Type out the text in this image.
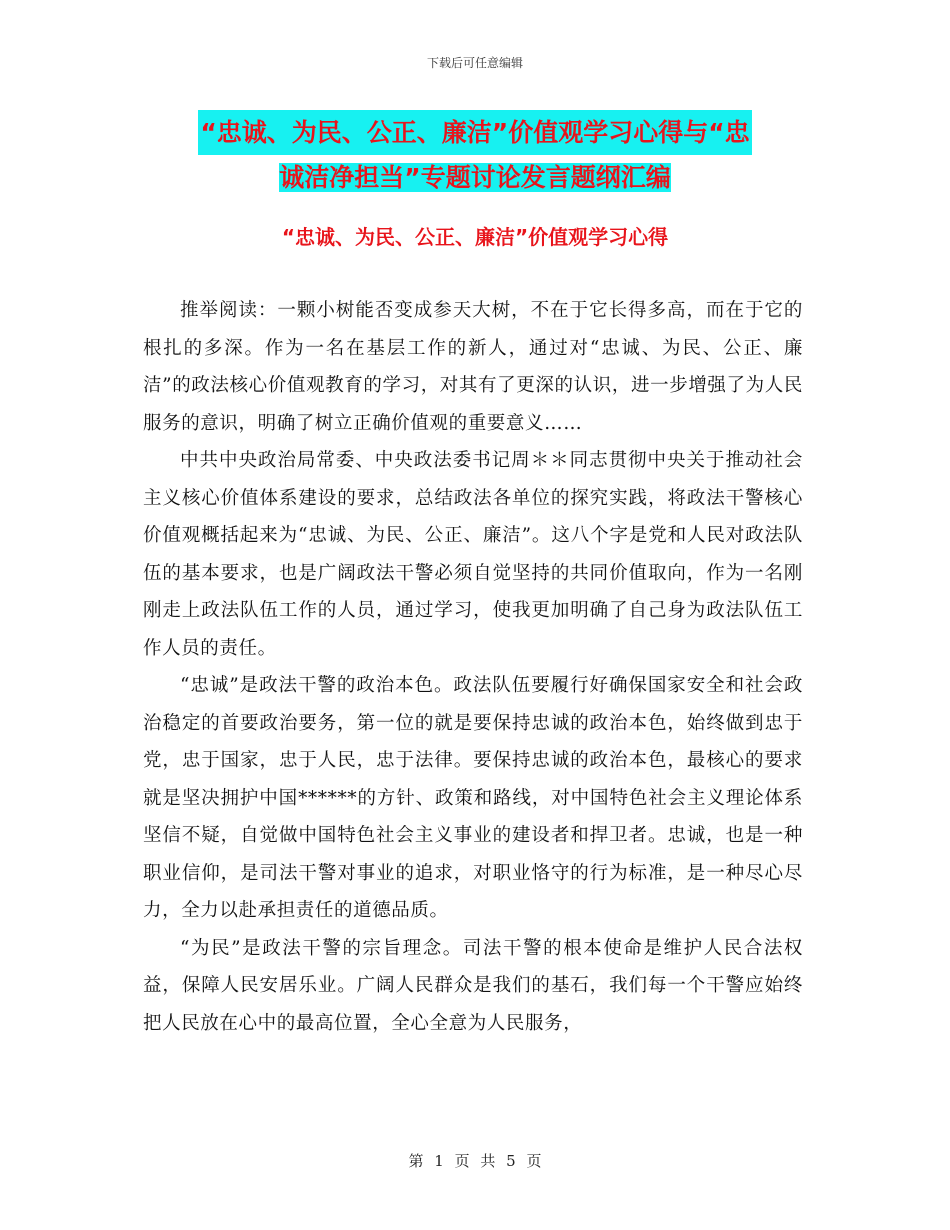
下载后可任意编辑
“忠诚、为民、公正、廉洁”价值观学习心得与“忠
诚洁净担当”专题讨论发言题纲汇编
“忠诚、为民、公正、廉洁”价值观学习心得

推举阅读：一颗小树能否变成参天大树，不在于它长得多高，而在于它的根扎的多深。作为一名在基层工作的新人，通过对“忠诚、为民、公正、廉洁”的政法核心价值观教育的学习，对其有了更深的认识，进一步增强了为人民服务的意识，明确了树立正确价值观的重要意义……

中共中央政治局常委、中央政法委书记周＊＊同志贯彻中央关于推动社会主义核心价值体系建设的要求，总结政法各单位的探究实践，将政法干警核心价值观概括起来为“忠诚、为民、公正、廉洁”。这八个字是党和人民对政法队伍的基本要求，也是广阔政法干警必须自觉坚持的共同价值取向，作为一名刚刚走上政法队伍工作的人员，通过学习，使我更加明确了自己身为政法队伍工作人员的责任。

“忠诚”是政法干警的政治本色。政法队伍要履行好确保国家安全和社会政治稳定的首要政治要务，第一位的就是要保持忠诚的政治本色，始终做到忠于党，忠于国家，忠于人民，忠于法律。要保持忠诚的政治本色，最核心的要求就是坚决拥护中国******的方针、政策和路线，对中国特色社会主义理论体系坚信不疑，自觉做中国特色社会主义事业的建设者和捍卫者。忠诚，也是一种职业信仰，是司法干警对事业的追求，对职业恪守的行为标准，是一种尽心尽力，全力以赴承担责任的道德品质。

“为民”是政法干警的宗旨理念。司法干警的根本使命是维护人民合法权益，保障人民安居乐业。广阔人民群众是我们的基石，我们每一个干警应始终把人民放在心中的最高位置，全心全意为人民服务，

第 1 页 共 5 页
